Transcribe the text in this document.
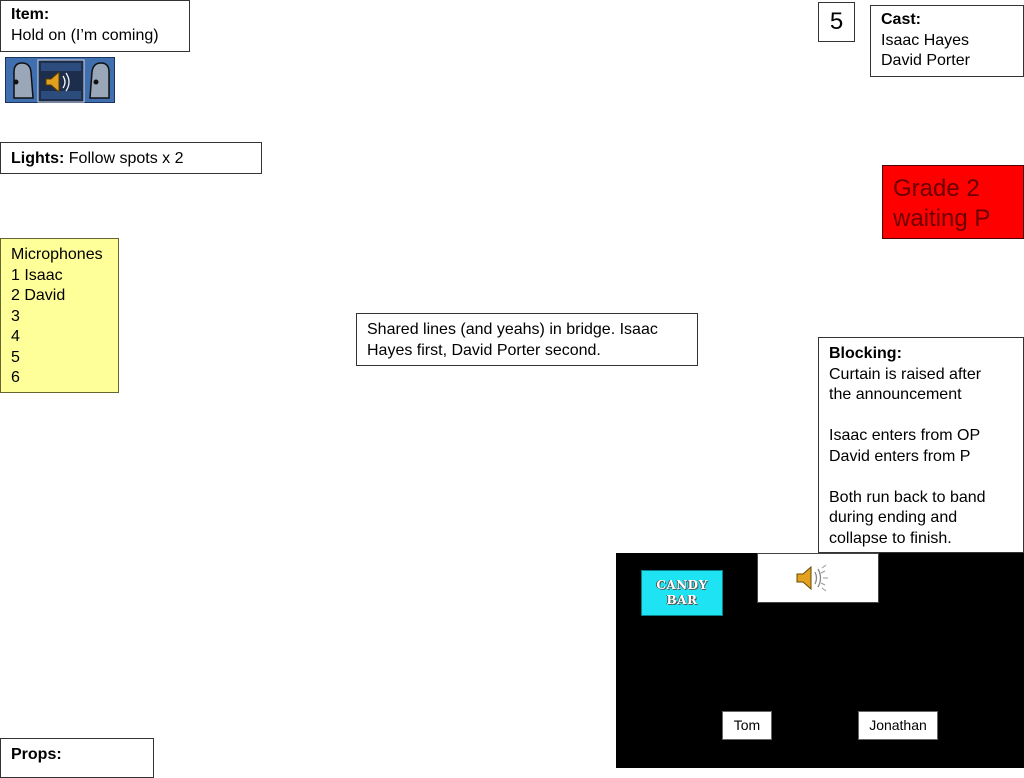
Item:
Hold on (I’m coming)
5 Cast:
Isaac Hayes
David Porter
Lights: Follow spots x 2
Grade 2
waiting P
Microphones
1 Isaac
2 David
3
4
5
6
Shared lines (and yeahs) in bridge. Isaac
Hayes first, David Porter second.	Blocking:
Curtain is raised after
the announcement
Isaac enters from OP
David enters from P
Both run back to band
during ending and
collapse to finish.
CANDY
BAR
Tom	Jonathan
Props:
